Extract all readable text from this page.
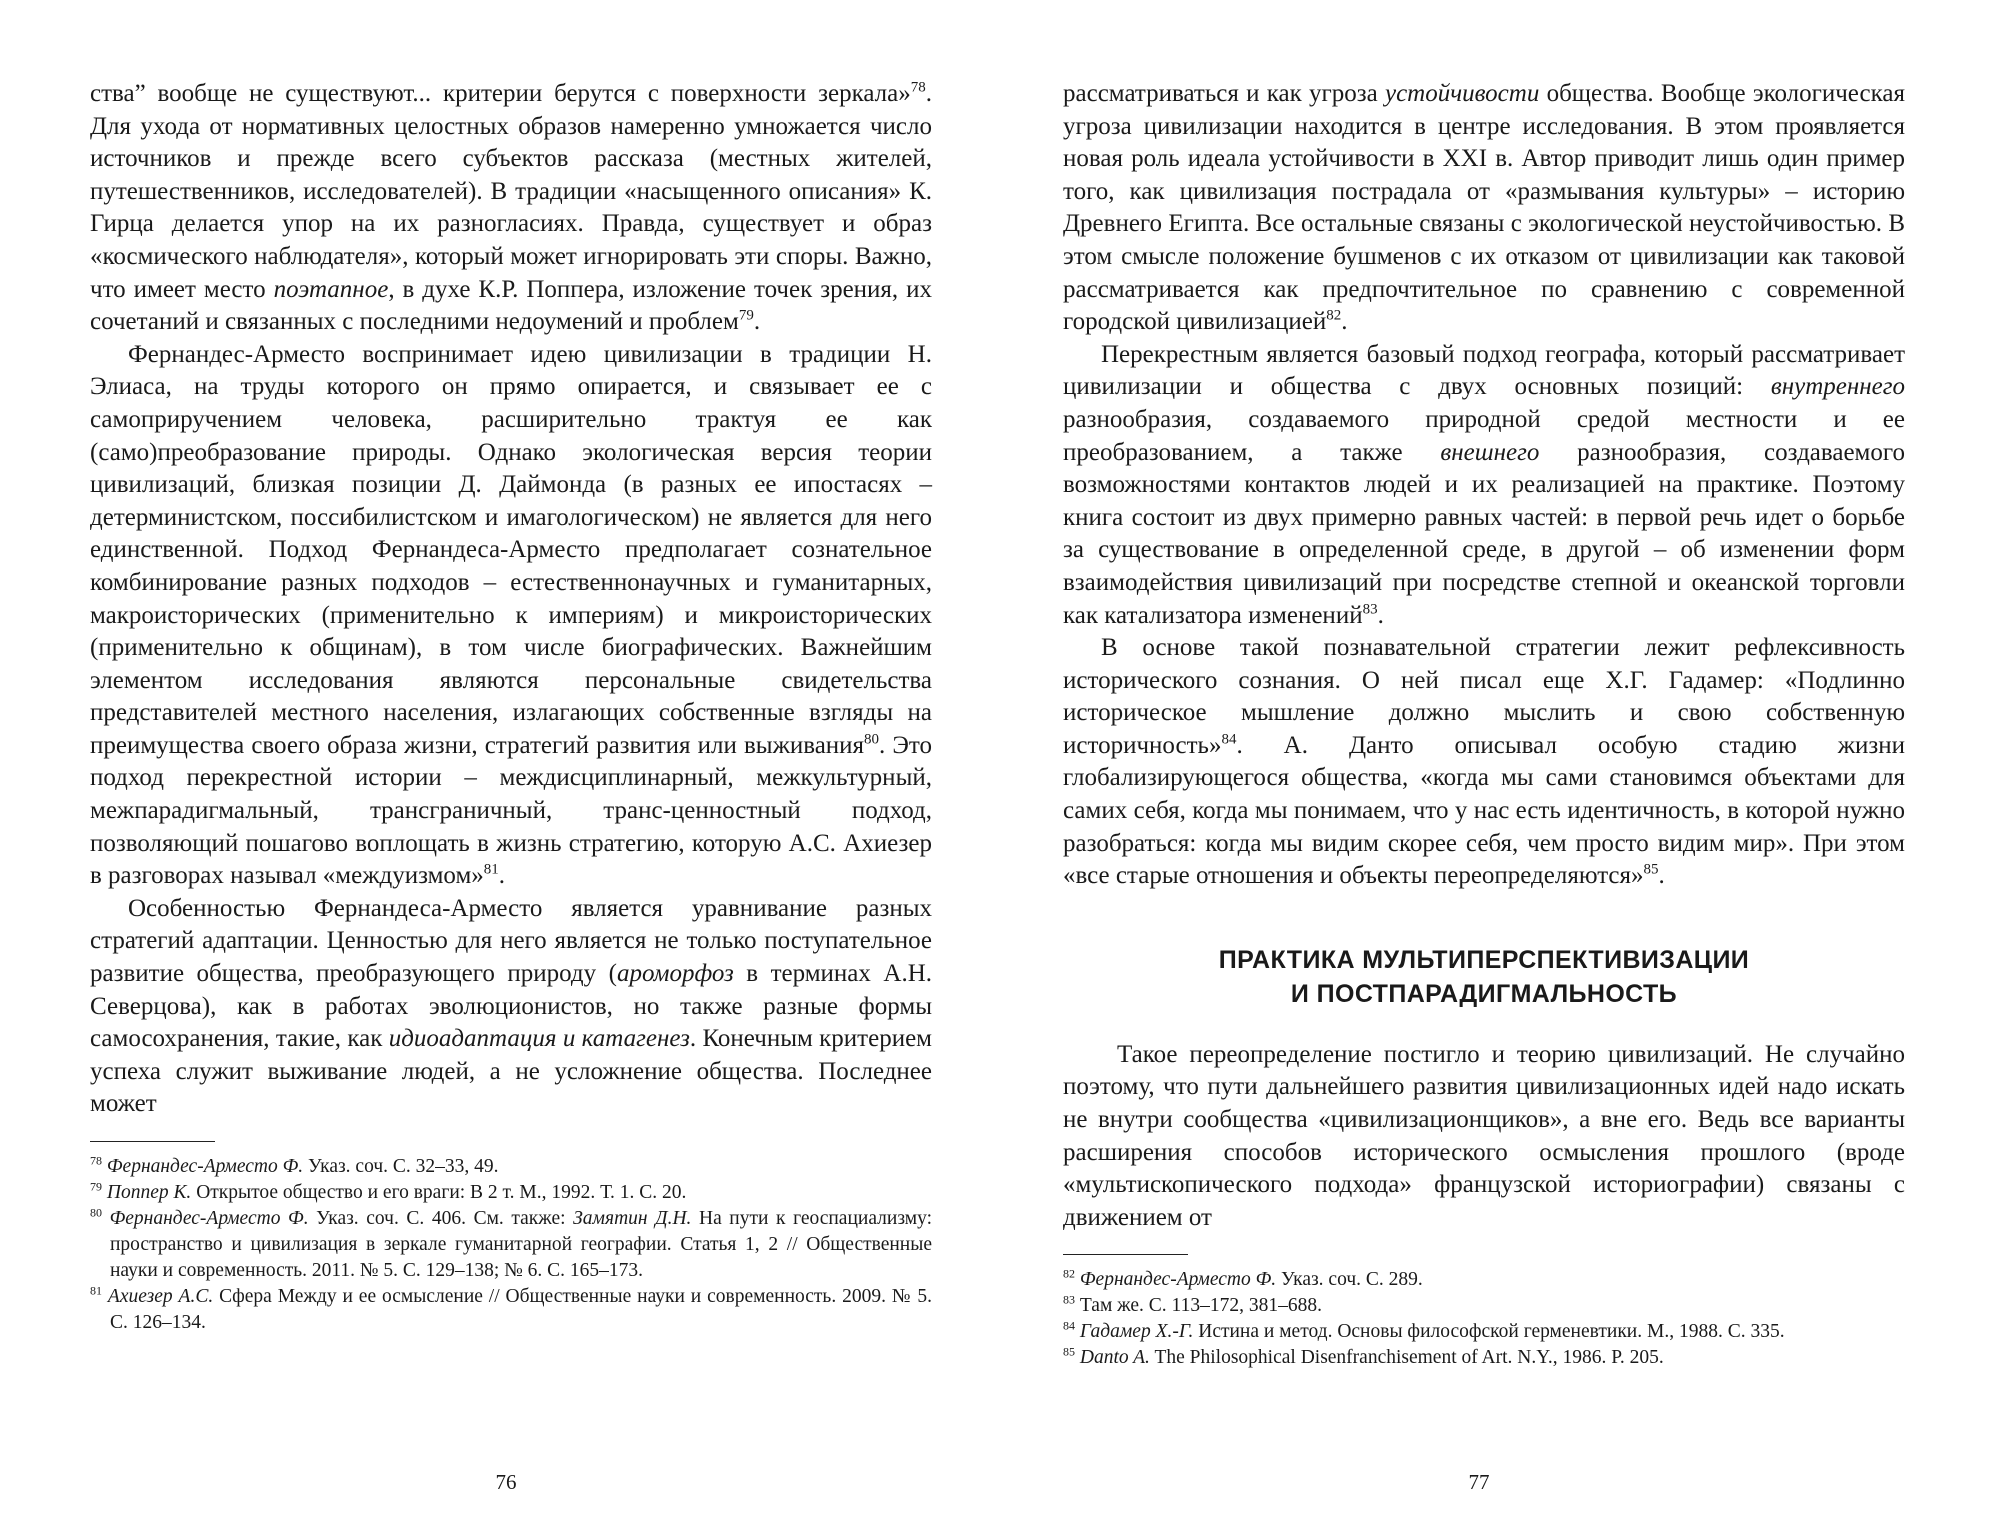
ства” вообще не существуют... критерии берутся с поверхности зеркала»$^{78}$. Для ухода от нормативных целостных образов намеренно умножается число источников и прежде всего субъектов рассказа (местных жителей, путешественников, исследователей). В традиции «насыщенного описания» К. Гирца делается упор на их разногласиях. Правда, существует и образ «космического наблюдателя», который может игнорировать эти споры. Важно, что имеет место поэтапное, в духе К.Р. Поппера, изложение точек зрения, их сочетаний и связанных с последними недоумений и проблем$^{79}$.

Фернандес-Арместо воспринимает идею цивилизации в традиции Н. Элиаса, на труды которого он прямо опирается, и связывает ее с самоприручением человека, расширительно трактуя ее как (само)преобразование природы. Однако экологическая версия теории цивилизаций, близкая позиции Д. Даймонда (в разных ее ипостасях – детерминистском, поссибилистском и имагологическом) не является для него единственной. Подход Фернандеса-Арместо предполагает сознательное комбинирование разных подходов – естественнонаучных и гуманитарных, макроисторических (применительно к империям) и микроисторических (применительно к общинам), в том числе биографических. Важнейшим элементом исследования являются персональные свидетельства представителей местного населения, излагающих собственные взгляды на преимущества своего образа жизни, стратегий развития или выживания$^{80}$. Это подход перекрестной истории – междисциплинарный, межкультурный, межпарадигмальный, трансграничный, транс-ценностный подход, позволяющий пошагово воплощать в жизнь стратегию, которую А.С. Ахиезер в разговорах называл «междуизмом»$^{81}$.

Особенностью Фернандеса-Арместо является уравнивание разных стратегий адаптации. Ценностью для него является не только поступательное развитие общества, преобразующего природу (ароморфоз в терминах А.Н. Северцова), как в работах эволюционистов, но также разные формы самосохранения, такие, как идиоадаптация и катагенез. Конечным критерием успеха служит выживание людей, а не усложнение общества. Последнее может

$^{78}$ Фернандес-Арместо Ф. Указ. соч. С. 32–33, 49.

$^{79}$ Поппер К. Открытое общество и его враги: В 2 т. М., 1992. Т. 1. С. 20.

$^{80}$ Фернандес-Арместо Ф. Указ. соч. С. 406. См. также: Замятин Д.Н. На пути к геоспациализму: пространство и цивилизация в зеркале гуманитарной географии. Статья 1, 2 // Общественные науки и современность. 2011. № 5. С. 129–138; № 6. С. 165–173.

$^{81}$ Ахиезер А.С. Сфера Между и ее осмысление // Общественные науки и современность. 2009. № 5. С. 126–134.

76

рассматриваться и как угроза устойчивости общества. Вообще экологическая угроза цивилизации находится в центре исследования. В этом проявляется новая роль идеала устойчивости в XXI в. Автор приводит лишь один пример того, как цивилизация пострадала от «размывания культуры» – историю Древнего Египта. Все остальные связаны с экологической неустойчивостью. В этом смысле положение бушменов с их отказом от цивилизации как таковой рассматривается как предпочтительное по сравнению с современной городской цивилизацией$^{82}$.

Перекрестным является базовый подход географа, который рассматривает цивилизации и общества с двух основных позиций: внутреннего разнообразия, создаваемого природной средой местности и ее преобразованием, а также внешнего разнообразия, создаваемого возможностями контактов людей и их реализацией на практике. Поэтому книга состоит из двух примерно равных частей: в первой речь идет о борьбе за существование в определенной среде, в другой – об изменении форм взаимодействия цивилизаций при посредстве степной и океанской торговли как катализатора изменений$^{83}$.

В основе такой познавательной стратегии лежит рефлексивность исторического сознания. О ней писал еще Х.Г. Гадамер: «Подлинно историческое мышление должно мыслить и свою собственную историчность»$^{84}$. А. Данто описывал особую стадию жизни глобализирующегося общества, «когда мы сами становимся объектами для самих себя, когда мы понимаем, что у нас есть идентичность, в которой нужно разобраться: когда мы видим скорее себя, чем просто видим мир». При этом «все старые отношения и объекты переопределяются»$^{85}$.

ПРАКТИКА МУЛЬТИПЕРСПЕКТИВИЗАЦИИ
И ПОСТПАРАДИГМАЛЬНОСТЬ

Такое переопределение постигло и теорию цивилизаций. Не случайно поэтому, что пути дальнейшего развития цивилизационных идей надо искать не внутри сообщества «цивилизационщиков», а вне его. Ведь все варианты расширения способов исторического осмысления прошлого (вроде «мультископического подхода» французской историографии) связаны с движением от

$^{82}$ Фернандес-Арместо Ф. Указ. соч. С. 289.

$^{83}$ Там же. С. 113–172, 381–688.

$^{84}$ Гадамер Х.-Г. Истина и метод. Основы философской герменевтики. М., 1988. С. 335.

$^{85}$ Danto A. The Philosophical Disenfranchisement of Art. N.Y., 1986. P. 205.

77
